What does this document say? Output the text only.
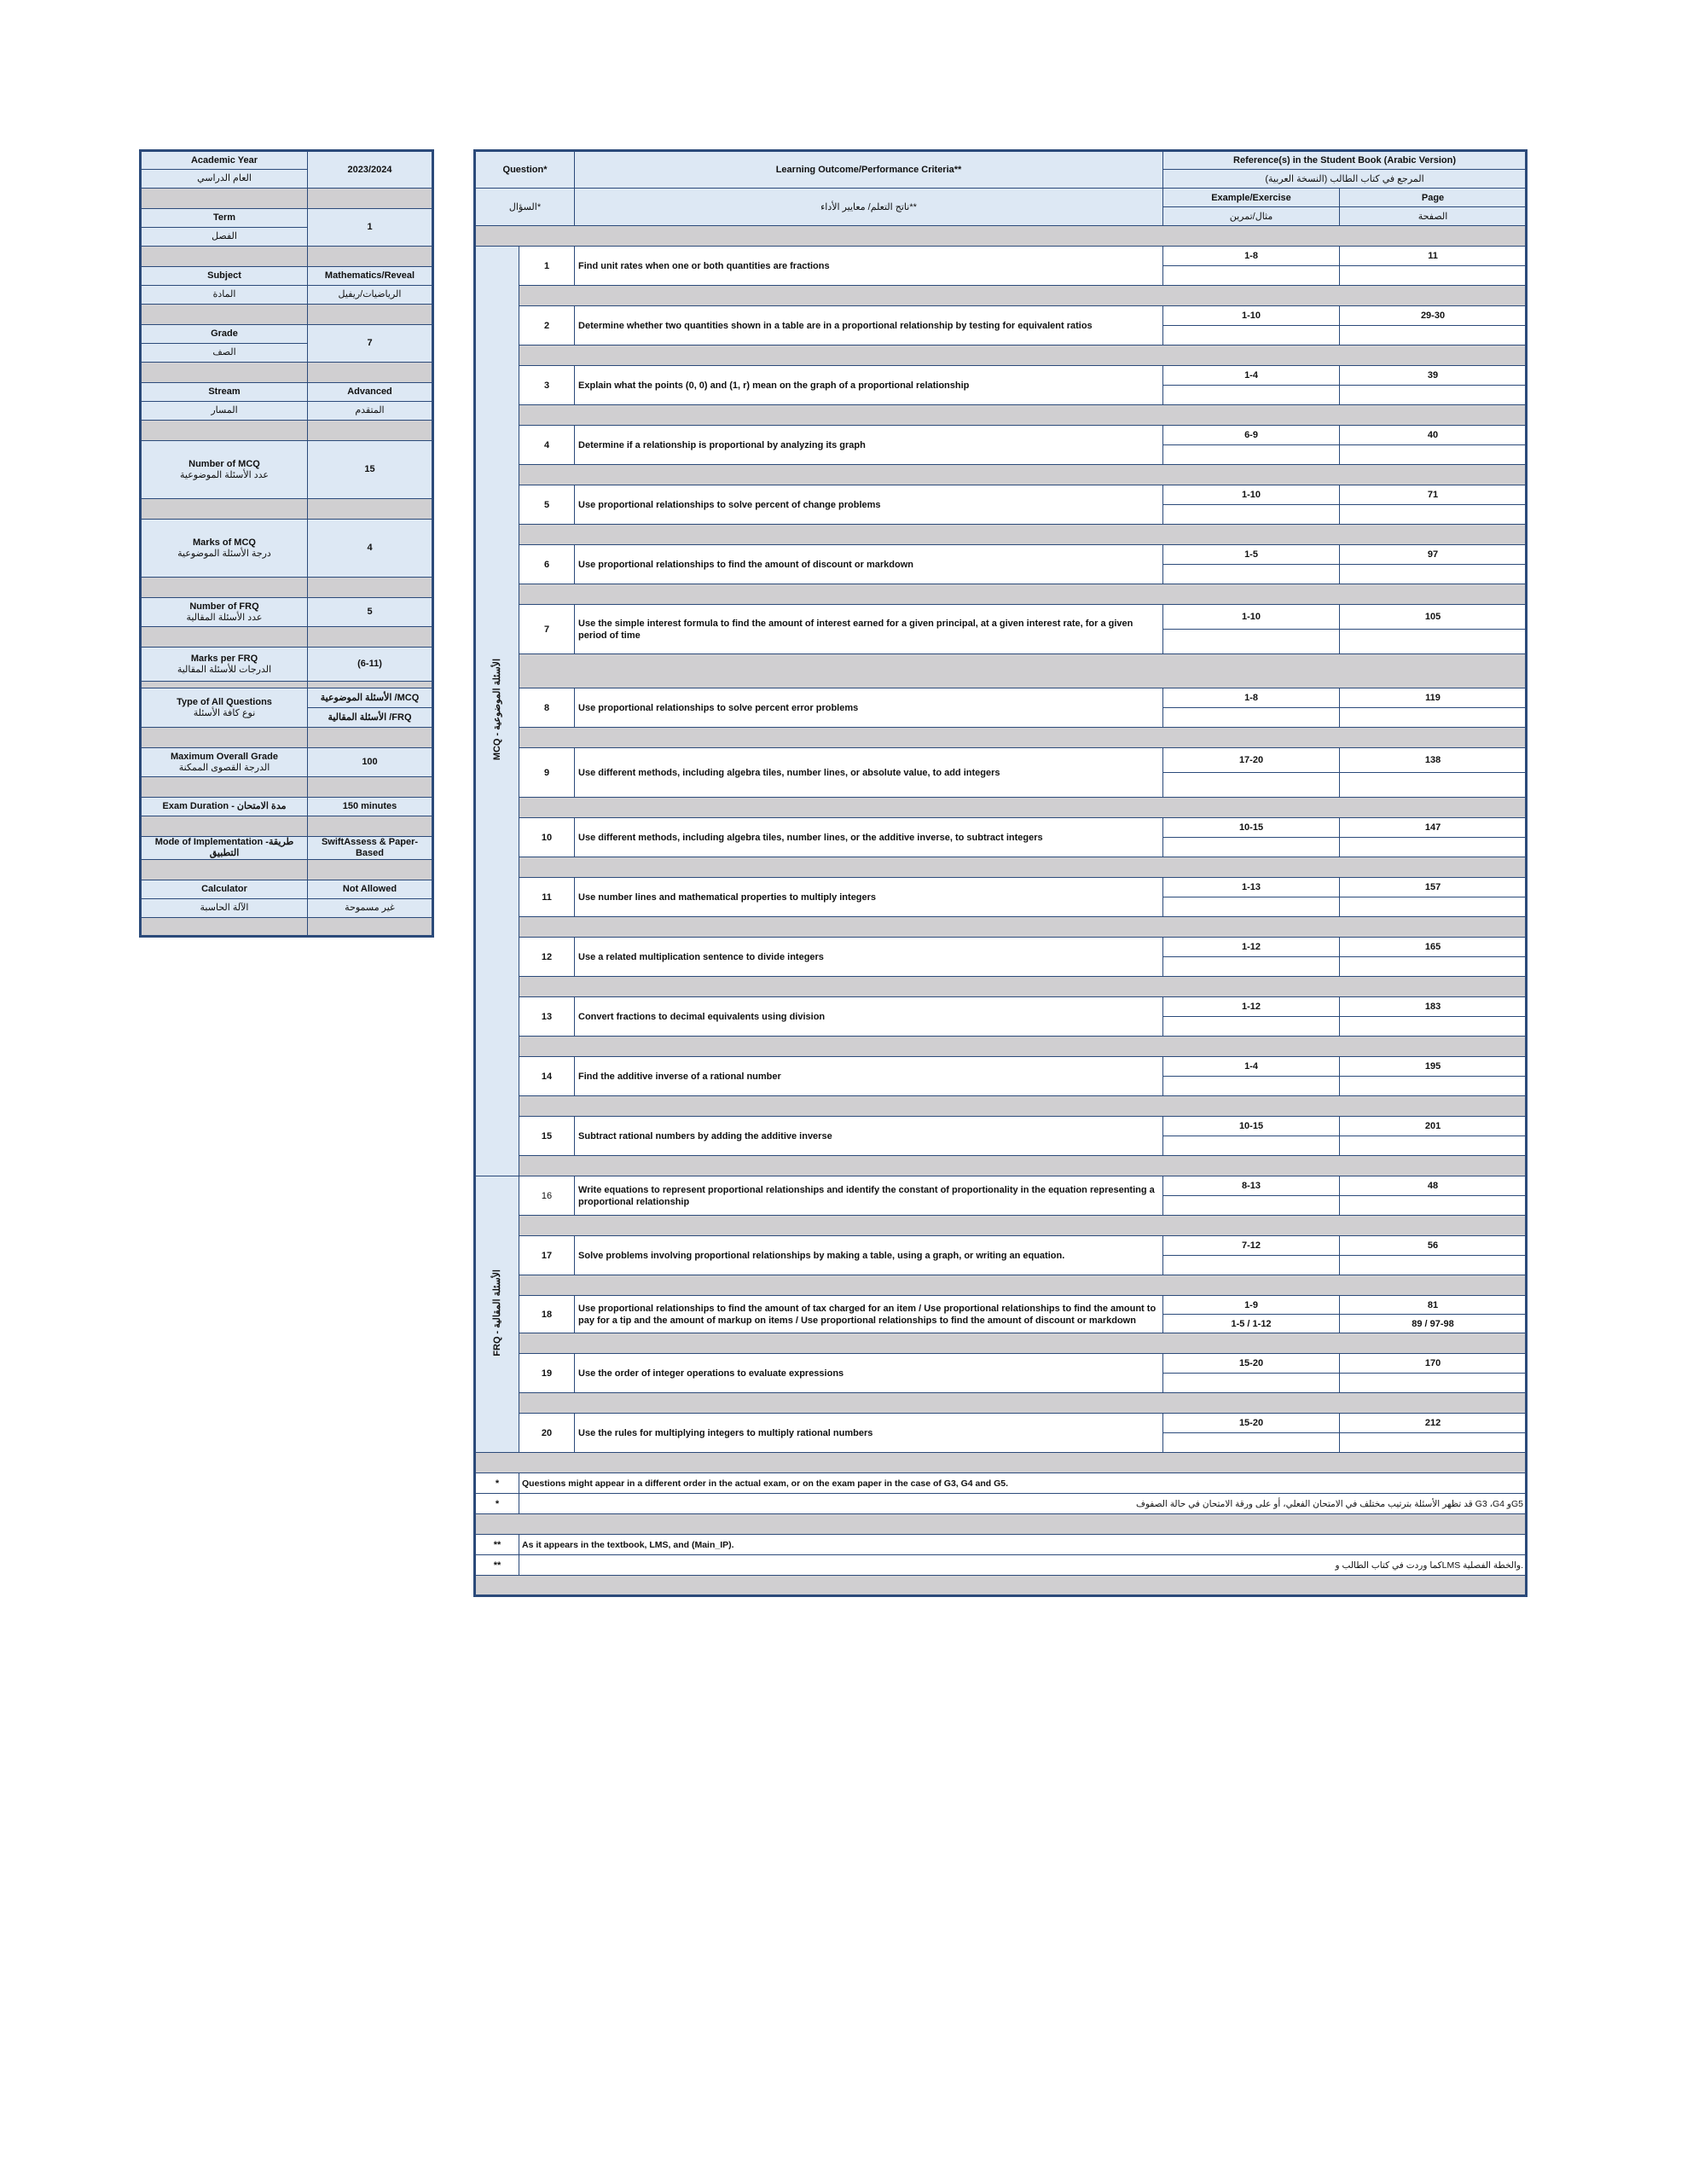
Academic Year	2023/2024
العام الدراسي	

Term	1
الفصل	

Subject	Mathematics/Reveal
المادة	الرياضيات/ريفيل

Grade	7
الصف	

Stream	Advanced
المسار	المتقدم

Number of MCQ
عدد الأسئلة الموضوعية	15

Marks of MCQ
درجة الأسئلة الموضوعية	4

Number of FRQ
عدد الأسئلة المقالية	5

Marks per FRQ
الدرجات للأسئلة المقالية	(6-11)

Type of All Questions
نوع كافة الأسئلة	الأسئلة الموضوعية /MCQ
	الأسئلة المقالية /FRQ

Maximum Overall Grade
الدرجة القصوى الممكنة	100

Exam Duration - مدة الامتحان	150 minutes

Mode of Implementation -طريقة التطبيق	SwiftAssess & Paper-Based

Calculator	Not Allowed
الآلة الحاسبة	غير مسموحة

Question*		Learning Outcome/Performance Criteria**	Reference(s) in the Student Book (Arabic Version)	
			المرجع في كتاب الطالب (النسخة العربية)	
السؤال*		ناتج التعلم/ معايير الأداء**	Example/Exercise	Page
			مثال/تمرين	الصفحة

MCQ - الأسئلة الموضوعية	1	Find unit rates when one or both quantities are fractions	1-8	11

	2	Determine whether two quantities shown in a table are in a proportional relationship by testing for equivalent ratios	1-10	29-30

	3	Explain what the points (0, 0) and (1, r) mean on the graph of a proportional relationship	1-4	39

	4	Determine if a relationship is proportional by analyzing its graph	6-9	40

	5	Use proportional relationships to solve percent of change problems	1-10	71

	6	Use proportional relationships to find the amount of discount or markdown	1-5	97

	7	Use the simple interest formula to find the amount of interest earned for a given principal, at a given interest rate, for a given period of time	1-10	105

	8	Use proportional relationships to solve percent error problems	1-8	119

	9	Use different methods, including algebra tiles, number lines, or absolute value, to add integers	17-20	138

	10	Use different methods, including algebra tiles, number lines, or the additive inverse, to subtract integers	10-15	147

	11	Use number lines and mathematical properties to multiply integers	1-13	157

	12	Use a related multiplication sentence to divide integers	1-12	165

	13	Convert fractions to decimal equivalents using division	1-12	183

	14	Find the additive inverse of a rational number	1-4	195

	15	Subtract rational numbers by adding the additive inverse	10-15	201

FRQ - الأسئلة المقالية	16	Write equations to represent proportional relationships and identify the constant of proportionality in the equation representing a proportional relationship	8-13	48

	17	Solve problems involving proportional relationships by making a table, using a graph, or writing an equation.	7-12	56

	18	Use proportional relationships to find the amount of tax charged for an item / Use proportional relationships to find the amount to pay for a tip and the amount of markup on items / Use proportional relationships to find the amount of discount or markdown	1-9	81
			1-5 / 1-12	89 / 97-98

	19	Use the order of integer operations to evaluate expressions	15-20	170

	20	Use the rules for multiplying integers to multiply rational numbers	15-20	212

*	Questions might appear in a different order in the actual exam, or on the exam paper in the case of G3, G4 and G5.			
*	قد تظهر الأسئلة بترتيب مختلف في الامتحان الفعلي، أو على ورقة الامتحان في حالة الصفوف G3 ،G4 وG5			

**	As it appears in the textbook, LMS, and (Main_IP).			
**	كما وردت في كتاب الطالب وLMS والخطة الفصلية.			
